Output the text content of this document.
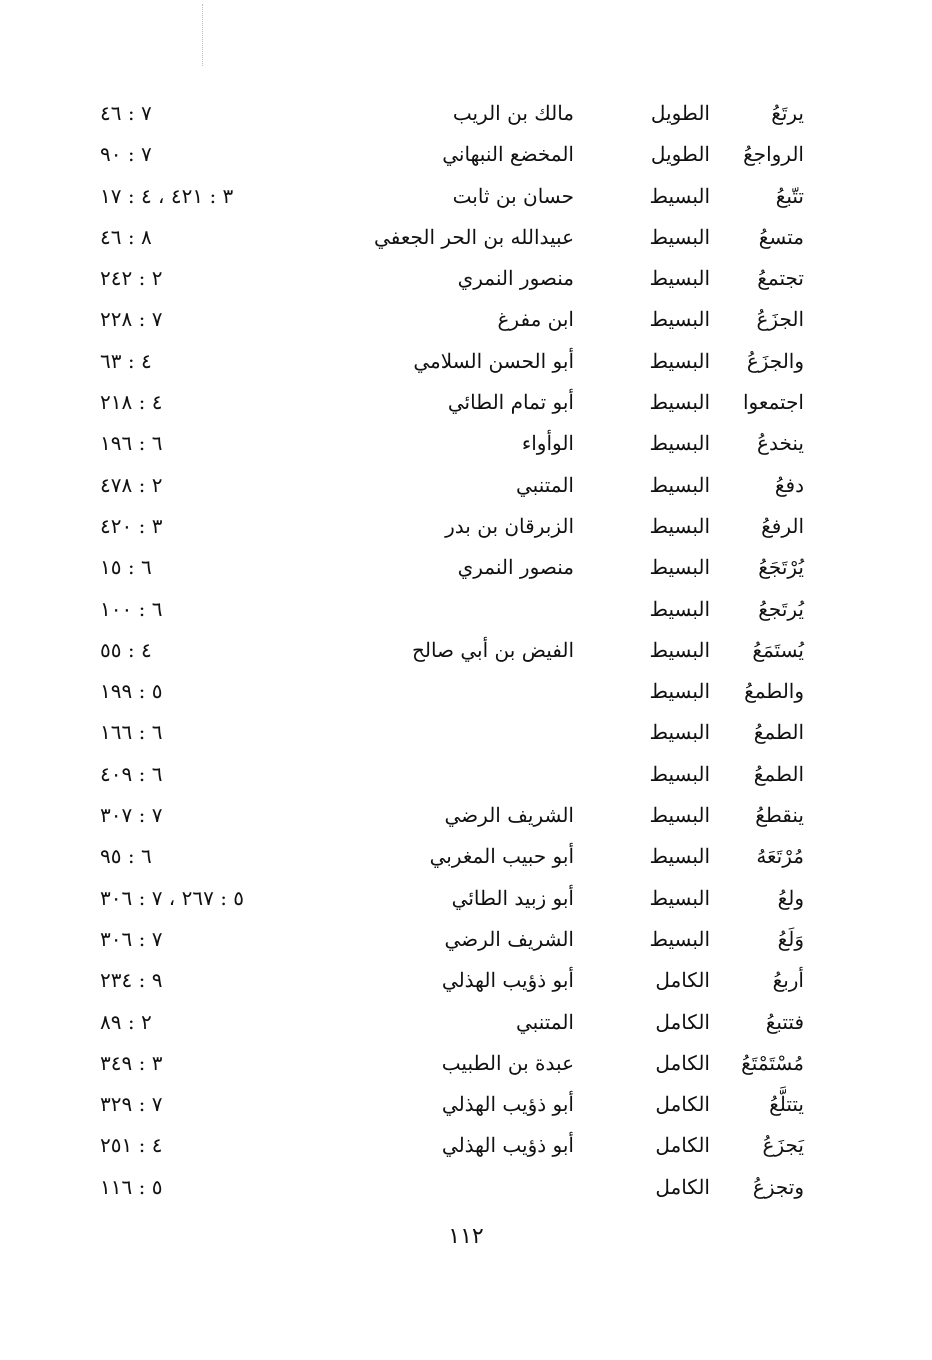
يرتَعُ
الطويل
مالك بن الريب
٧ : ٤٦
الرواجعُ
الطويل
المخضع النبهاني
٧ : ٩٠
تتّبعُ
البسيط
حسان بن ثابت
٣ : ٤٢١ ، ٤ : ١٧
متسعُ
البسيط
عبيدالله بن الحر الجعفي
٨ : ٤٦
تجتمعُ
البسيط
منصور النمري
٢ : ٢٤٢
الجزَعُ
البسيط
ابن مفرغ
٧ : ٢٢٨
والجزَعُ
البسيط
أبو الحسن السلامي
٤ : ٦٣
اجتمعوا
البسيط
أبو تمام الطائي
٤ : ٢١٨
ينخدعُ
البسيط
الوأواء
٦ : ١٩٦
دفعُ
البسيط
المتنبي
٢ : ٤٧٨
الرفعُ
البسيط
الزبرقان بن بدر
٣ : ٤٢٠
يُرْتَجَعُ
البسيط
منصور النمري
٦ : ١٥
يُرتَجعُ
البسيط
٦ : ١٠٠
يُستَمَعُ
البسيط
الفيض بن أبي صالح
٤ : ٥٥
والطمعُ
البسيط
٥ : ١٩٩
الطمعُ
البسيط
٦ : ١٦٦
الطمعُ
البسيط
٦ : ٤٠٩
ينقطعُ
البسيط
الشريف الرضي
٧ : ٣٠٧
مُرْتَعَهُ
البسيط
أبو حبيب المغربي
٦ : ٩٥
ولعُ
البسيط
أبو زبيد الطائي
٥ : ٢٦٧ ، ٧ : ٣٠٦
وَلَعُ
البسيط
الشريف الرضي
٧ : ٣٠٦
أربعُ
الكامل
أبو ذؤيب الهذلي
٩ : ٢٣٤
فتتبعُ
الكامل
المتنبي
٢ : ٨٩
مُسْتَمْتَعُ
الكامل
عبدة بن الطبيب
٣ : ٣٤٩
يتتلَّعُ
الكامل
أبو ذؤيب الهذلي
٧ : ٣٢٩
يَجزَعُ
الكامل
أبو ذؤيب الهذلي
٤ : ٢٥١
وتجزعُ
الكامل
٥ : ١١٦
١١٢
